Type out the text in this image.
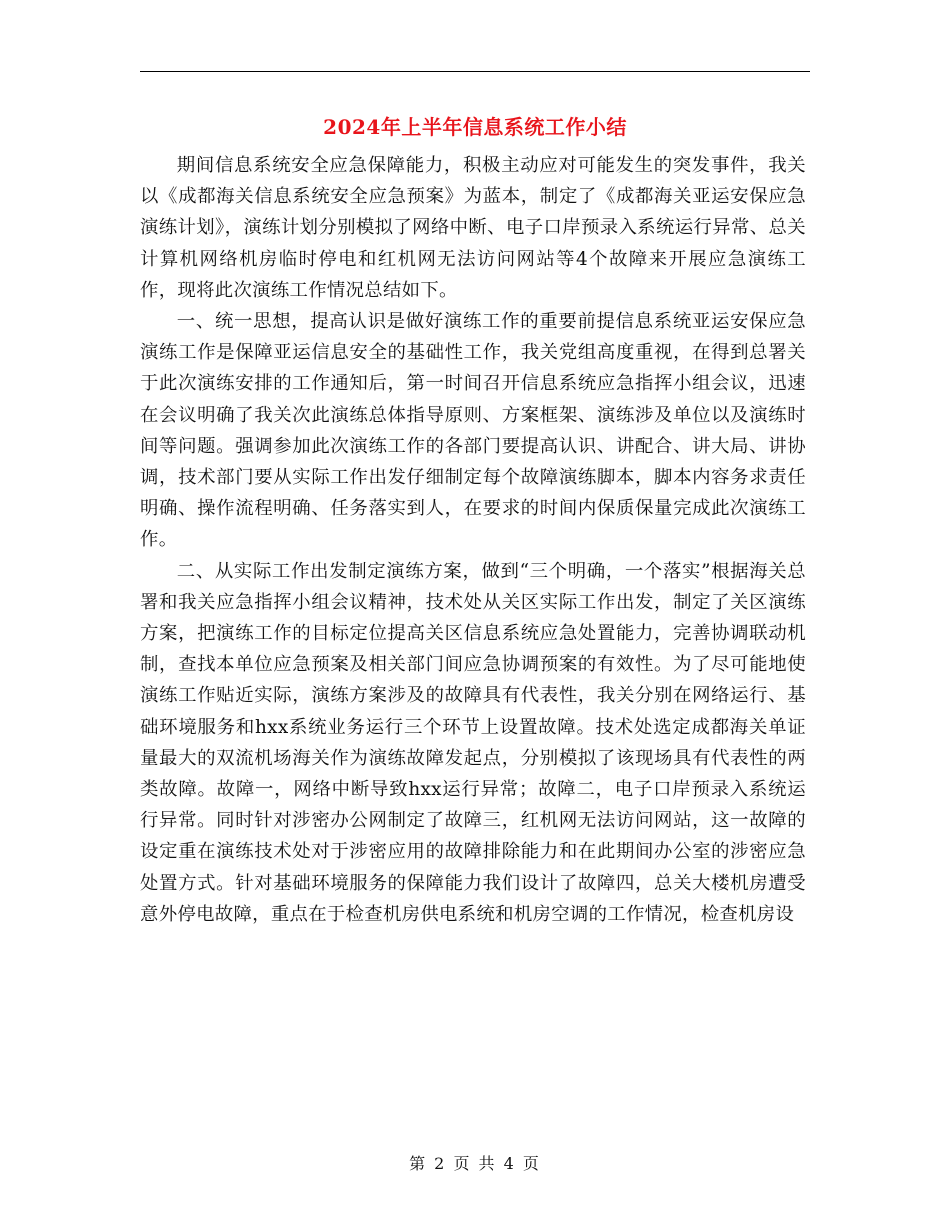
2024年上半年信息系统工作小结

期间信息系统安全应急保障能力，积极主动应对可能发生的突发事件，我关以《成都海关信息系统安全应急预案》为蓝本，制定了《成都海关亚运安保应急演练计划》，演练计划分别模拟了网络中断、电子口岸预录入系统运行异常、总关计算机网络机房临时停电和红机网无法访问网站等4个故障来开展应急演练工作，现将此次演练工作情况总结如下。

一、统一思想，提高认识是做好演练工作的重要前提信息系统亚运安保应急演练工作是保障亚运信息安全的基础性工作，我关党组高度重视，在得到总署关于此次演练安排的工作通知后，第一时间召开信息系统应急指挥小组会议，迅速在会议明确了我关次此演练总体指导原则、方案框架、演练涉及单位以及演练时间等问题。强调参加此次演练工作的各部门要提高认识、讲配合、讲大局、讲协调，技术部门要从实际工作出发仔细制定每个故障演练脚本，脚本内容务求责任明确、操作流程明确、任务落实到人，在要求的时间内保质保量完成此次演练工作。

二、从实际工作出发制定演练方案，做到“三个明确，一个落实”根据海关总署和我关应急指挥小组会议精神，技术处从关区实际工作出发，制定了关区演练方案，把演练工作的目标定位提高关区信息系统应急处置能力，完善协调联动机制，查找本单位应急预案及相关部门间应急协调预案的有效性。为了尽可能地使演练工作贴近实际，演练方案涉及的故障具有代表性，我关分别在网络运行、基础环境服务和hxx系统业务运行三个环节上设置故障。技术处选定成都海关单证量最大的双流机场海关作为演练故障发起点，分别模拟了该现场具有代表性的两类故障。故障一，网络中断导致hxx运行异常；故障二，电子口岸预录入系统运行异常。同时针对涉密办公网制定了故障三，红机网无法访问网站，这一故障的设定重在演练技术处对于涉密应用的故障排除能力和在此期间办公室的涉密应急处置方式。针对基础环境服务的保障能力我们设计了故障四，总关大楼机房遭受意外停电故障，重点在于检查机房供电系统和机房空调的工作情况，检查机房设

第 2 页 共 4 页
